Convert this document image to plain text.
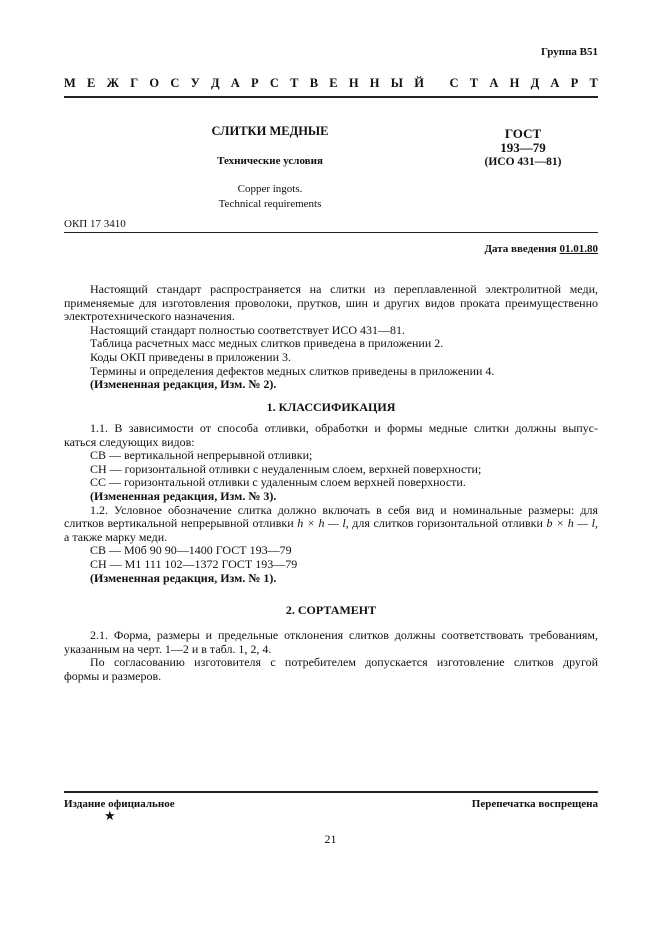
Группа В51
М Е Ж Г О С У Д А Р С Т В Е Н Н Ы Й
С Т А Н Д А Р Т
СЛИТКИ МЕДНЫЕ
Технические условия
Copper ingots.
Technical requirements
ГОСТ
193—79
(ИСО 431—81)
ОКП 17 3410
Дата введения 01.01.80
Настоящий стандарт распространяется на слитки из переплавленной электролитной меди,
применяемые для изготовления проволоки, прутков, шин и других видов проката преимущественно
электротехнического назначения.
Настоящий стандарт полностью соответствует ИСО 431—81.
Таблица расчетных масс медных слитков приведена в приложении 2.
Коды ОКП приведены в приложении 3.
Термины и определения дефектов медных слитков приведены в приложении 4.
(Измененная редакция, Изм. № 2).
1. КЛАССИФИКАЦИЯ
1.1. В зависимости от способа отливки, обработки и формы медные слитки должны выпус-
каться следующих видов:
СВ — вертикальной непрерывной отливки;
СН — горизонтальной отливки с неудаленным слоем, верхней поверхности;
СС — горизонтальной отливки с удаленным слоем верхней поверхности.
(Измененная редакция, Изм. № 3).
1.2. Условное обозначение слитка должно включать в себя вид и номинальные размеры: для
слитков вертикальной непрерывной отливки h × h — l, для слитков горизонтальной отливки b × h — l,
а также марку меди.
СВ — М0б 90 90—1400 ГОСТ 193—79
СН — М1 111 102—1372 ГОСТ 193—79
(Измененная редакция, Изм. № 1).
2. СОРТАМЕНТ
2.1. Форма, размеры и предельные отклонения слитков должны соответствовать требованиям,
указанным на черт. 1—2 и в табл. 1, 2, 4.
По согласованию изготовителя с потребителем допускается изготовление слитков другой
формы и размеров.
Издание официальное
★
Перепечатка воспрещена
21
